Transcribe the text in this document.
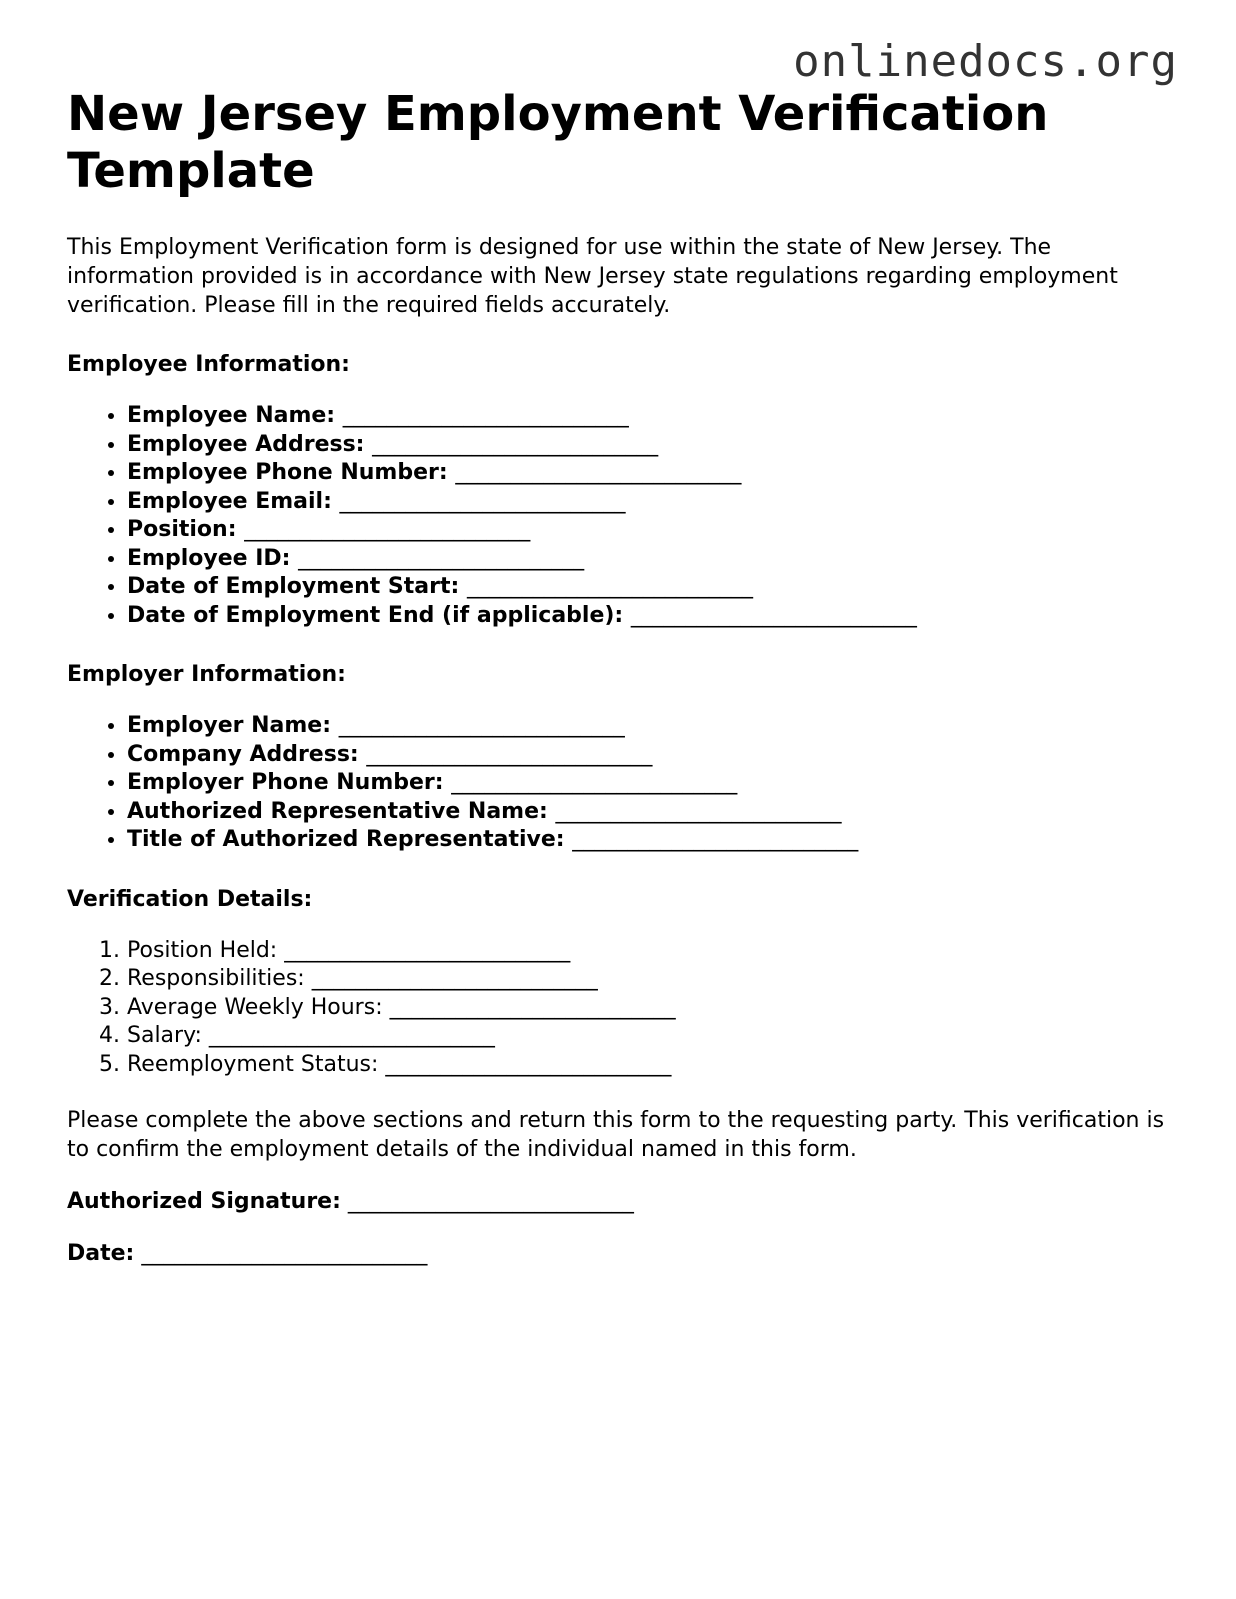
onlinedocs.org
New Jersey Employment Verification Template

This Employment Verification form is designed for use within the state of New Jersey. The information provided is in accordance with New Jersey state regulations regarding employment verification. Please fill in the required fields accurately.

Employee Information:

• Employee Name: __________________________
• Employee Address: __________________________
• Employee Phone Number: __________________________
• Employee Email: __________________________
• Position: __________________________
• Employee ID: __________________________
• Date of Employment Start: __________________________
• Date of Employment End (if applicable): __________________________

Employer Information:

• Employer Name: __________________________
• Company Address: __________________________
• Employer Phone Number: __________________________
• Authorized Representative Name: __________________________
• Title of Authorized Representative: __________________________

Verification Details:

1. Position Held: __________________________
2. Responsibilities: __________________________
3. Average Weekly Hours: __________________________
4. Salary: __________________________
5. Reemployment Status: __________________________

Please complete the above sections and return this form to the requesting party. This verification is to confirm the employment details of the individual named in this form.

Authorized Signature: __________________________

Date: __________________________
